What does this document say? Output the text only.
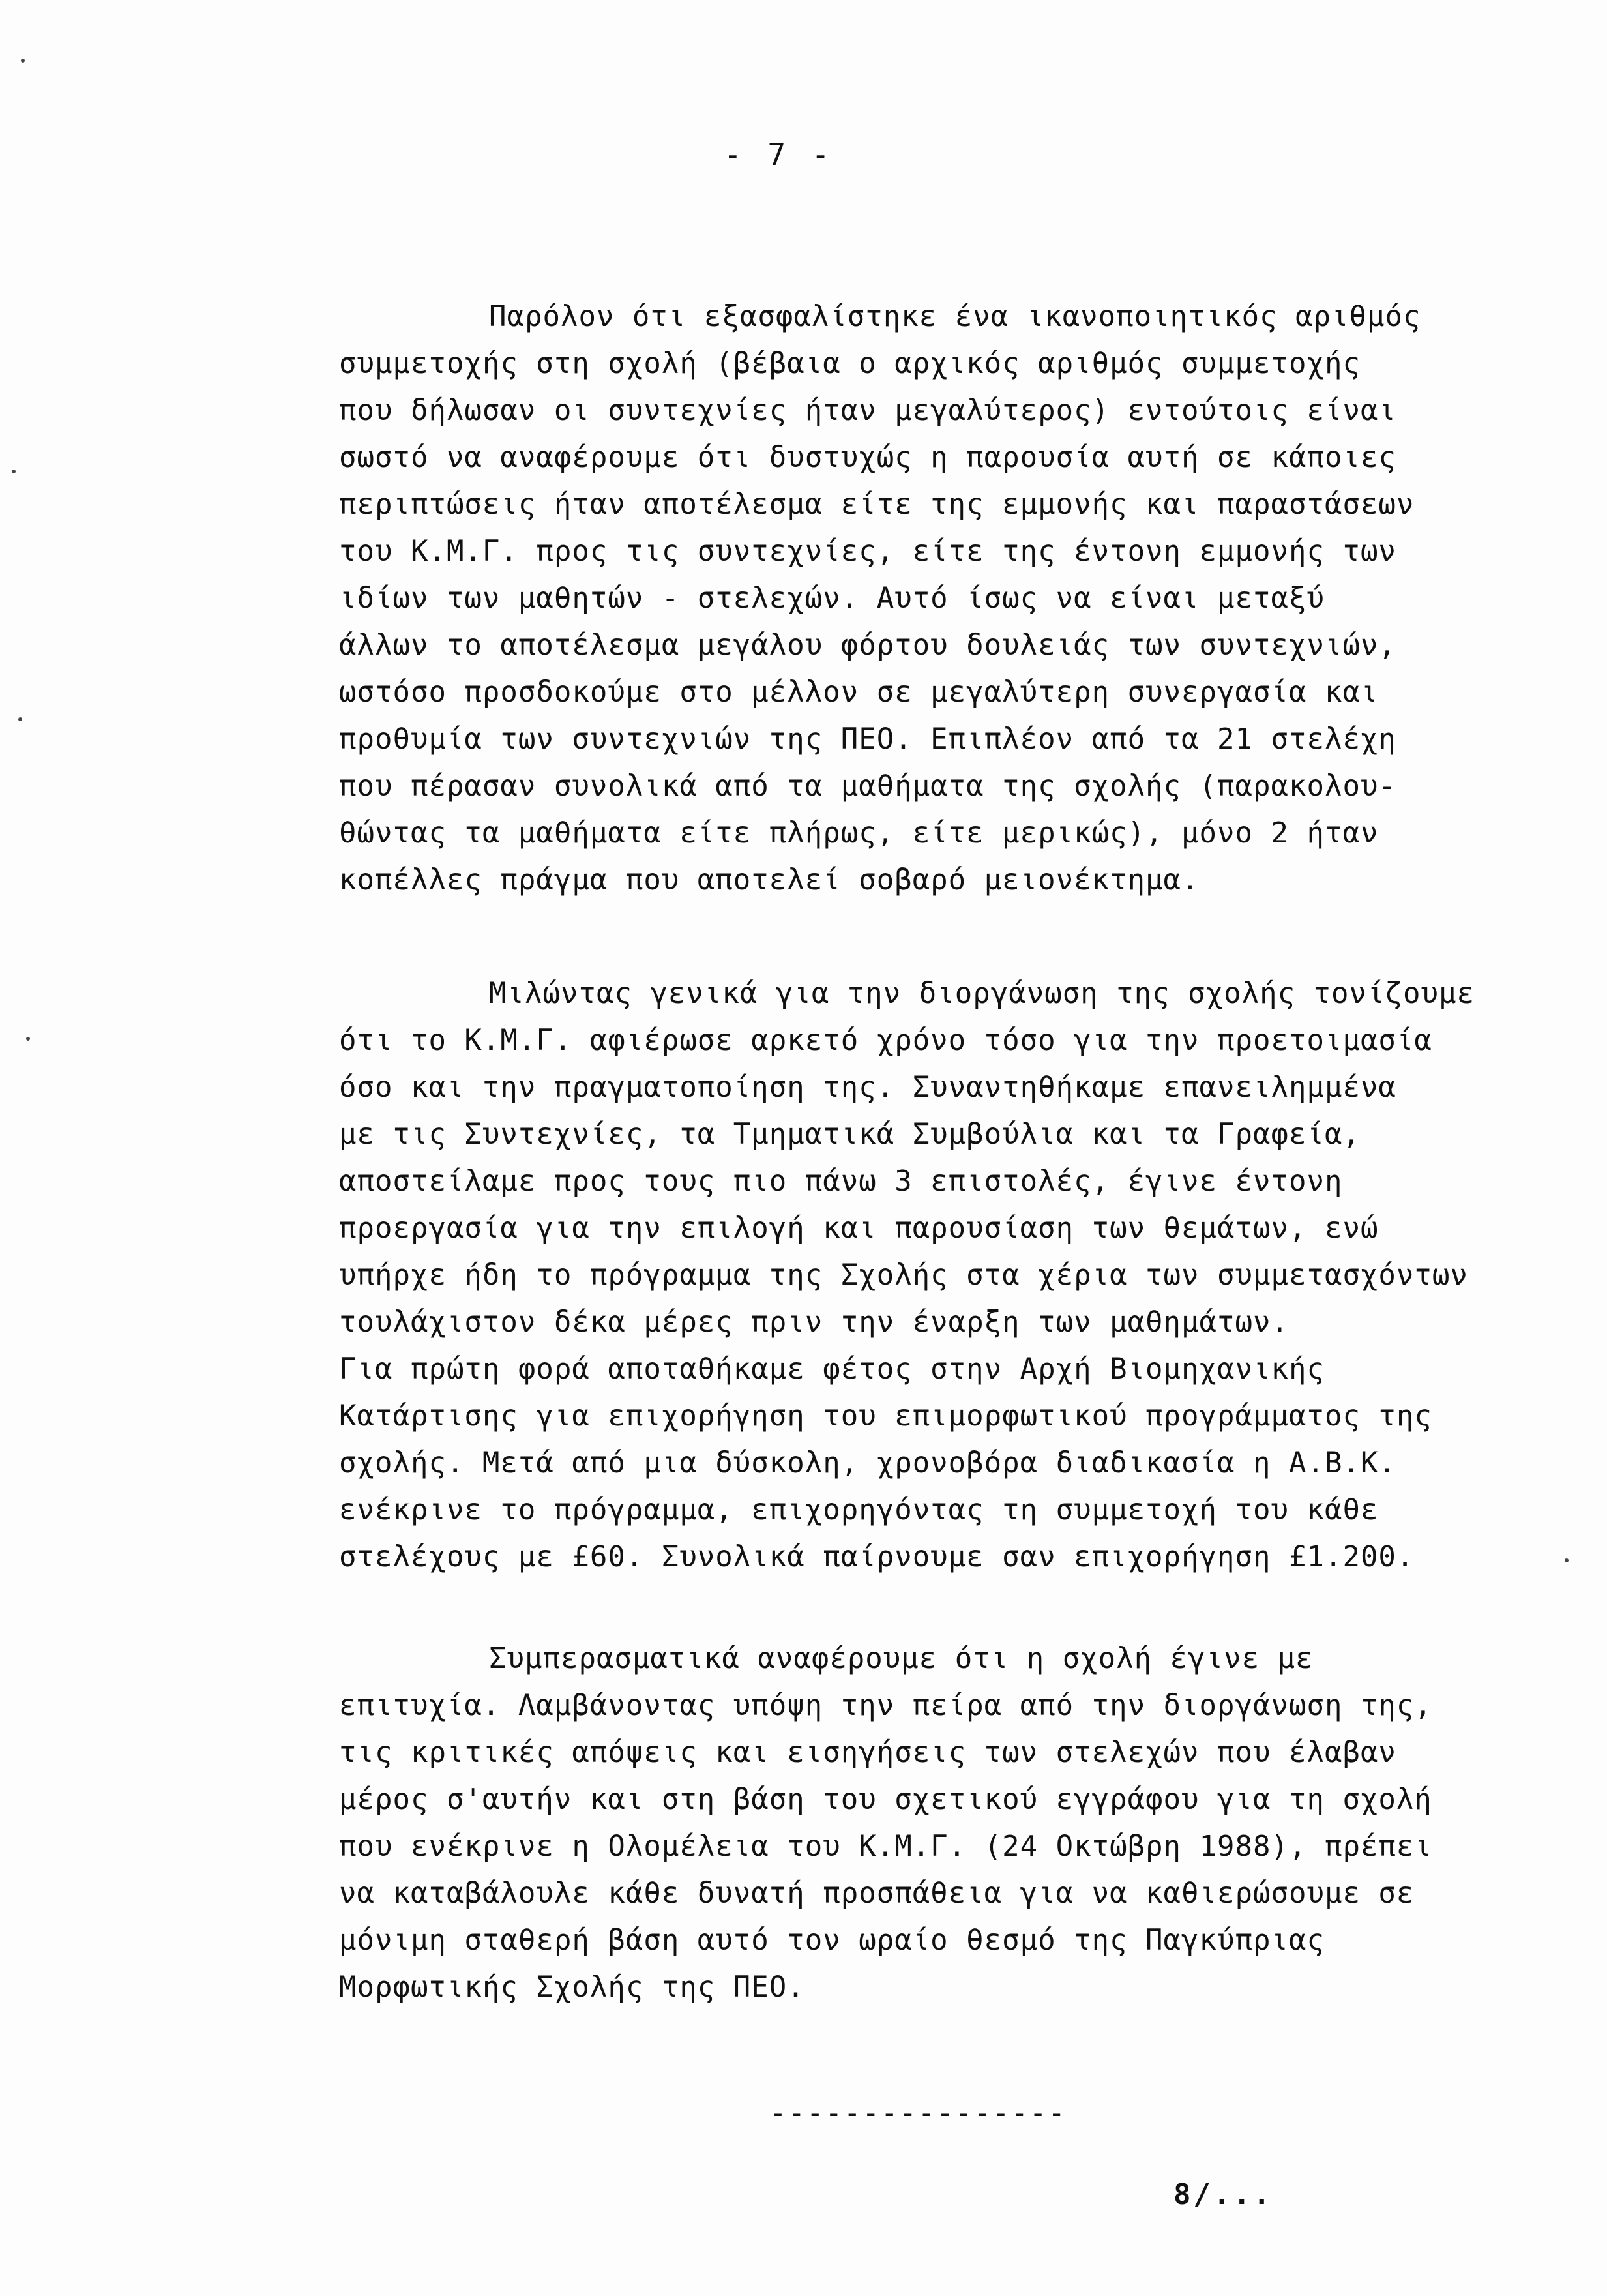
- 7 -
Παρόλον ότι εξασφαλίστηκε ένα ικανοποιητικός αριθμός
συμμετοχής στη σχολή (βέβαια ο αρχικός αριθμός συμμετοχής
που δήλωσαν οι συντεχνίες ήταν μεγαλύτερος) εντούτοις είναι
σωστό να αναφέρουμε ότι δυστυχώς η παρουσία αυτή σε κάποιες
περιπτώσεις ήταν αποτέλεσμα είτε της εμμονής και παραστάσεων
του Κ.Μ.Γ. προς τις συντεχνίες, είτε της έντονη εμμονής των
ιδίων των μαθητών - στελεχών. Αυτό ίσως να είναι μεταξύ
άλλων το αποτέλεσμα μεγάλου φόρτου δουλειάς των συντεχνιών,
ωστόσο προσδοκούμε στο μέλλον σε μεγαλύτερη συνεργασία και
προθυμία των συντεχνιών της ΠΕΟ. Επιπλέον από τα 21 στελέχη
που πέρασαν συνολικά από τα μαθήματα της σχολής (παρακολου-
θώντας τα μαθήματα είτε πλήρως, είτε μερικώς), μόνο 2 ήταν
κοπέλλες πράγμα που αποτελεί σοβαρό μειονέκτημα.
Μιλώντας γενικά για την διοργάνωση της σχολής τονίζουμε
ότι το Κ.Μ.Γ. αφιέρωσε αρκετό χρόνο τόσο για την προετοιμασία
όσο και την πραγματοποίηση της. Συναντηθήκαμε επανειλημμένα
με τις Συντεχνίες, τα Τμηματικά Συμβούλια και τα Γραφεία,
αποστείλαμε προς τους πιο πάνω 3 επιστολές, έγινε έντονη
προεργασία για την επιλογή και παρουσίαση των θεμάτων, ενώ
υπήρχε ήδη το πρόγραμμα της Σχολής στα χέρια των συμμετασχόντων
τουλάχιστον δέκα μέρες πριν την έναρξη των μαθημάτων.
Για πρώτη φορά αποταθήκαμε φέτος στην Αρχή Βιομηχανικής
Κατάρτισης για επιχορήγηση του επιμορφωτικού προγράμματος της
σχολής. Μετά από μια δύσκολη, χρονοβόρα διαδικασία η Α.Β.Κ.
ενέκρινε το πρόγραμμα, επιχορηγόντας τη συμμετοχή του κάθε
στελέχους με £60. Συνολικά παίρνουμε σαν επιχορήγηση £1.200.
Συμπερασματικά αναφέρουμε ότι η σχολή έγινε με
επιτυχία. Λαμβάνοντας υπόψη την πείρα από την διοργάνωση της,
τις κριτικές απόψεις και εισηγήσεις των στελεχών που έλαβαν
μέρος σ'αυτήν και στη βάση του σχετικού εγγράφου για τη σχολή
που ενέκρινε η Ολομέλεια του Κ.Μ.Γ. (24 Οκτώβρη 1988), πρέπει
να καταβάλουλε κάθε δυνατή προσπάθεια για να καθιερώσουμε σε
μόνιμη σταθερή βάση αυτό τον ωραίο θεσμό της Παγκύπριας
Μορφωτικής Σχολής της ΠΕΟ.
----------------
8/...
